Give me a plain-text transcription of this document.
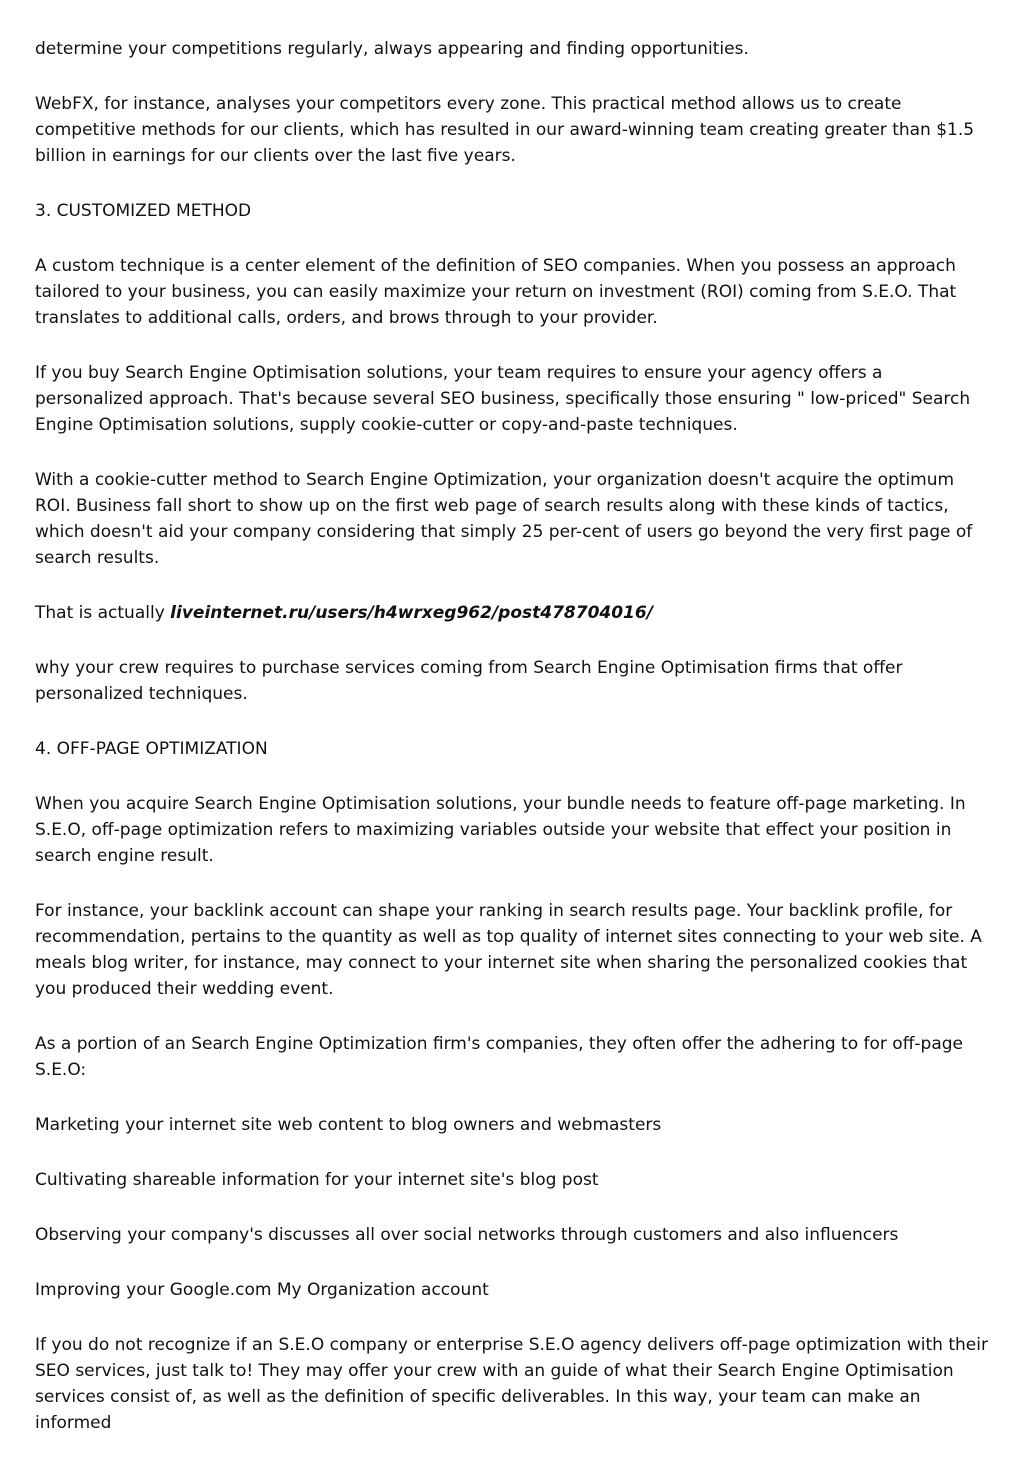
determine your competitions regularly, always appearing and finding opportunities.

WebFX, for instance, analyses your competitors every zone. This practical method allows us to create competitive methods for our clients, which has resulted in our award-winning team creating greater than $1.5 billion in earnings for our clients over the last five years.

3. CUSTOMIZED METHOD

A custom technique is a center element of the definition of SEO companies. When you possess an approach tailored to your business, you can easily maximize your return on investment (ROI) coming from S.E.O. That translates to additional calls, orders, and brows through to your provider.

If you buy Search Engine Optimisation solutions, your team requires to ensure your agency offers a personalized approach. That's because several SEO business, specifically those ensuring " low-priced" Search Engine Optimisation solutions, supply cookie-cutter or copy-and-paste techniques.

With a cookie-cutter method to Search Engine Optimization, your organization doesn't acquire the optimum ROI. Business fall short to show up on the first web page of search results along with these kinds of tactics, which doesn't aid your company considering that simply 25 per-cent of users go beyond the very first page of search results.

That is actually liveinternet.ru/users/h4wrxeg962/post478704016/

why your crew requires to purchase services coming from Search Engine Optimisation firms that offer personalized techniques.

4. OFF-PAGE OPTIMIZATION

When you acquire Search Engine Optimisation solutions, your bundle needs to feature off-page marketing. In S.E.O, off-page optimization refers to maximizing variables outside your website that effect your position in search engine result.

For instance, your backlink account can shape your ranking in search results page. Your backlink profile, for recommendation, pertains to the quantity as well as top quality of internet sites connecting to your web site. A meals blog writer, for instance, may connect to your internet site when sharing the personalized cookies that you produced their wedding event.

As a portion of an Search Engine Optimization firm's companies, they often offer the adhering to for off-page S.E.O:

Marketing your internet site web content to blog owners and webmasters

Cultivating shareable information for your internet site's blog post

Observing your company's discusses all over social networks through customers and also influencers

Improving your Google.com My Organization account

If you do not recognize if an S.E.O company or enterprise S.E.O agency delivers off-page optimization with their SEO services, just talk to! They may offer your crew with an guide of what their Search Engine Optimisation services consist of, as well as the definition of specific deliverables. In this way, your team can make an informed
